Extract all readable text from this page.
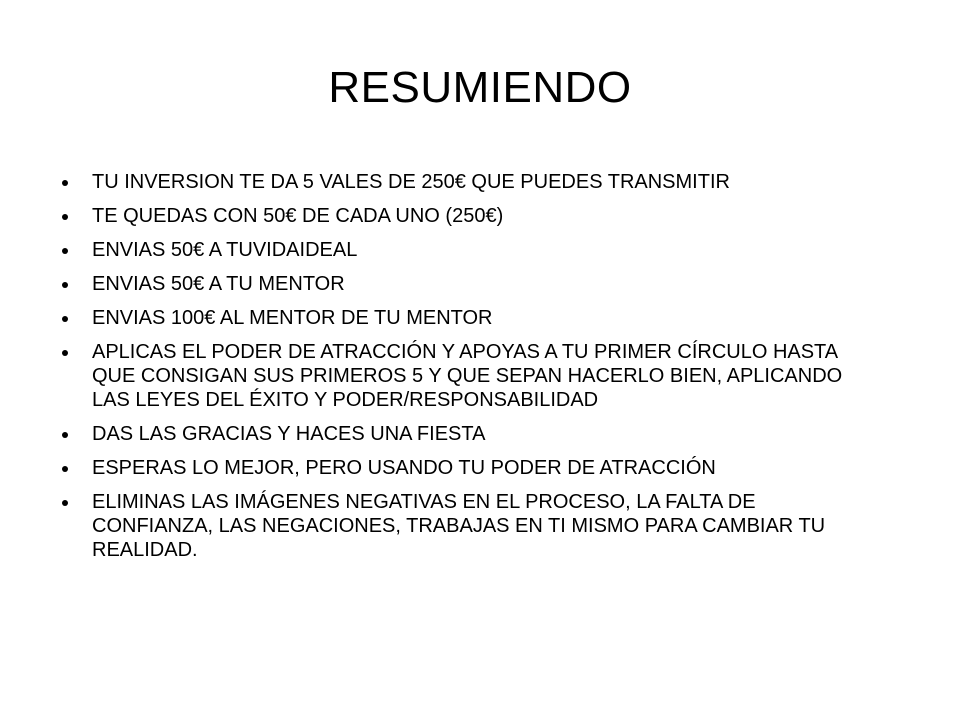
RESUMIENDO
TU INVERSION TE DA 5 VALES DE 250€ QUE PUEDES TRANSMITIR
TE QUEDAS CON 50€ DE CADA UNO (250€)
ENVIAS 50€ A TUVIDAIDEAL
ENVIAS 50€ A TU MENTOR
ENVIAS 100€ AL MENTOR DE TU MENTOR
APLICAS EL PODER DE ATRACCIÓN Y APOYAS A TU PRIMER CÍRCULO HASTA QUE CONSIGAN SUS PRIMEROS 5 Y QUE SEPAN HACERLO BIEN, APLICANDO LAS LEYES DEL ÉXITO Y PODER/RESPONSABILIDAD
DAS LAS GRACIAS Y HACES UNA FIESTA
ESPERAS LO MEJOR, PERO USANDO TU PODER DE ATRACCIÓN
ELIMINAS LAS IMÁGENES NEGATIVAS EN EL PROCESO, LA FALTA DE CONFIANZA, LAS NEGACIONES, TRABAJAS EN TI MISMO PARA CAMBIAR TU REALIDAD.
